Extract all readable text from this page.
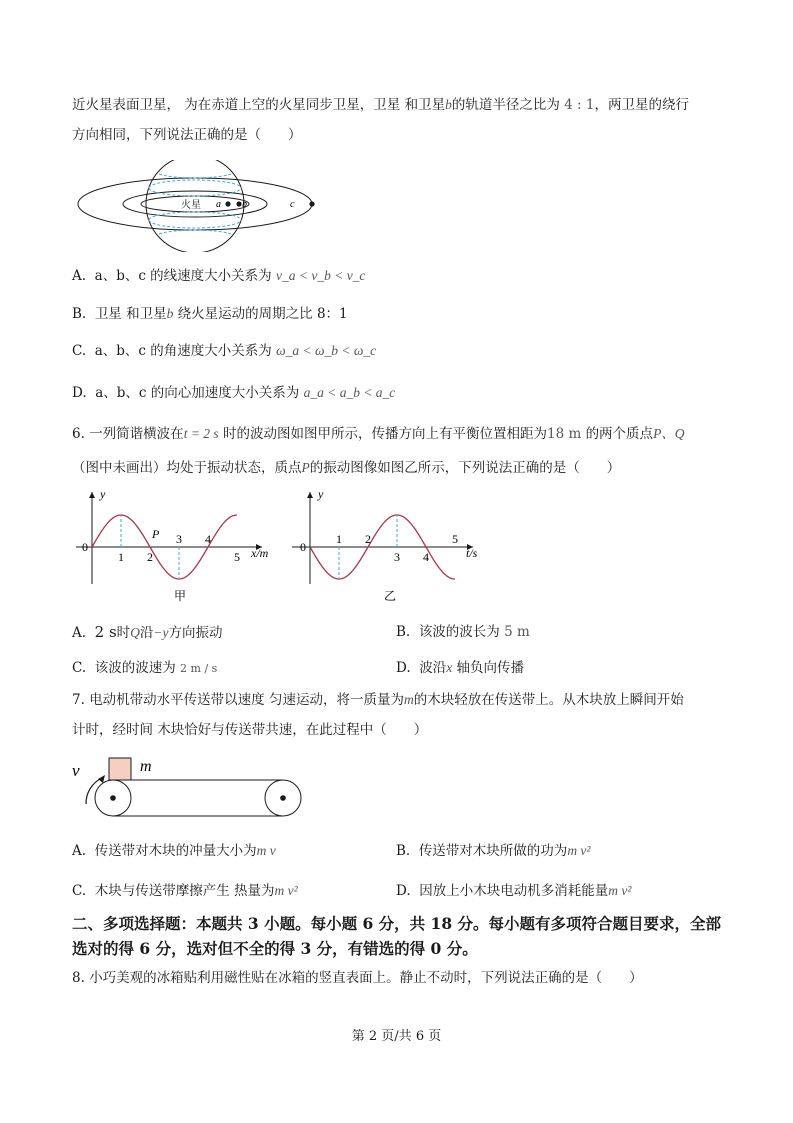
近火星表面卫星， 为在赤道上空的火星同步卫星，卫星 和卫星b的轨道半径之比为 4 : 1，两卫星的绕行
方向相同，下列说法正确的是（　　）
火星 a b	c
A. a、b、c 的线速度大小关系为 v_a < v_b < v_c
B. 卫星 和卫星b 绕火星运动的周期之比 8：1
C. a、b、c 的角速度大小关系为 ω_a < ω_b < ω_c
D. a、b、c 的向心加速度大小关系为 a_a < a_b < a_c
6. 一列简谐横波在t = 2 s 时的波动图如图甲所示，传播方向上有平衡位置相距为18 m 的两个质点P、Q
（图中未画出）均处于振动状态，质点P的振动图像如图乙所示，下列说法正确的是（　　）
y
x/m
0
1 2
3 4
5
P
甲
y
t/s
0
1 2
3 4
5
乙
A. 2 s时Q沿−y方向振动	B. 该波的波长为 5 m
C. 该波的波速为 2 m / s	D. 波沿x 轴负向传播
7. 电动机带动水平传送带以速度 匀速运动，将一质量为m的木块轻放在传送带上。从木块放上瞬间开始
计时，经时间 木块恰好与传送带共速，在此过程中（　　）
v	m
A. 传送带对木块的冲量大小为m v	B. 传送带对木块所做的功为m v²
C. 木块与传送带摩擦产生 热量为m v²	D. 因放上小木块电动机多消耗能量m v²
二、多项选择题：本题共 3 小题。每小题 6 分，共 18 分。每小题有多项符合题目要求，全部
选对的得 6 分，选对但不全的得 3 分，有错选的得 0 分。
8. 小巧美观的冰箱贴利用磁性贴在冰箱的竖直表面上。静止不动时，下列说法正确的是（　　）
第 2 页/共 6 页
